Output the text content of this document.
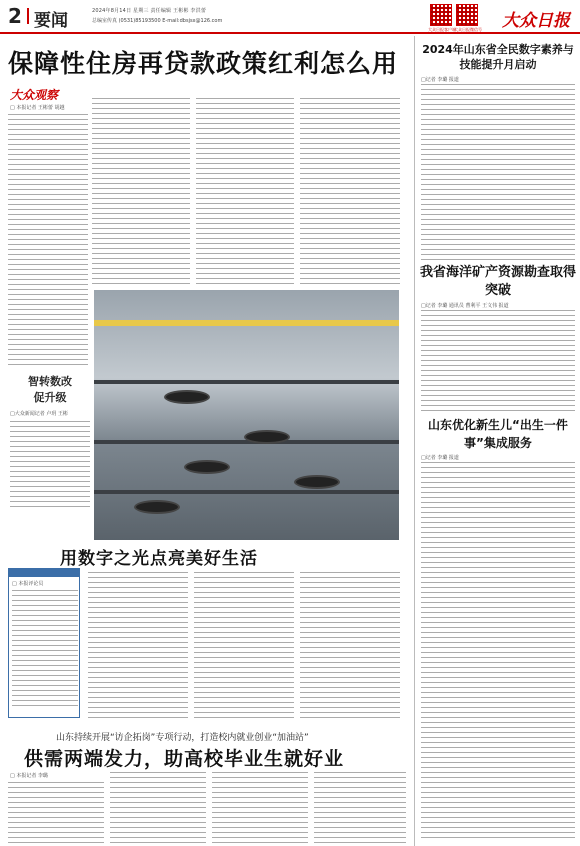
2 要闻	2024年8月14日 星期三 责任编辑 王彬彬 李洪蕾
总编室传真 (0531)85193500 E-mail:dbsjsx@126.com
大众日报客户端
大众日报微信号 大众日报
保障性住房再贷款政策红利怎么用
大众观察
□ 本报记者 王彬蕾 胡越
智转数改
促升级
□大众新闻记者 卢玥 王彬
用数字之光点亮美好生活
□ 本报评论员
山东持续开展“访企拓岗”专项行动，打造校内就业创业“加油站”
供需两端发力，助高校毕业生就好业
□ 本报记者 李璐
2024年山东省全民数字素养与技能提升月启动
□记者 李璐 报道
我省海洋矿产资源勘查取得突破
□记者 李璐 通讯员 曹利平 王文伟 报道
山东优化新生儿“出生一件事”集成服务
□记者 李璐 报道
